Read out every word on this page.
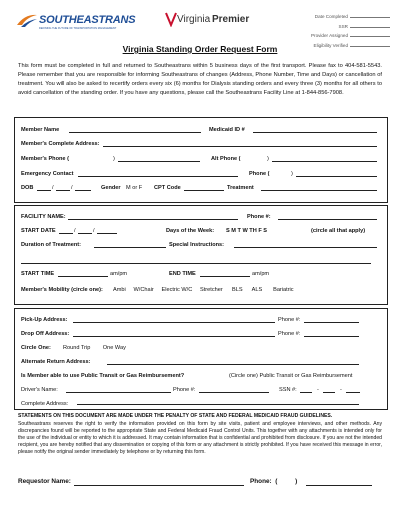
SOUTHEASTRANS
DEFINING THE FUTURE OF TRANSPORTATION MANAGEMENT
Virginia Premier	Date Completed
SSR
Provider Assigned
Eligibility Verified
Virginia Standing Order Request Form
This form must be completed in full and returned to Southeastrans within 5 business days of the first transport. Please fax to 404-581-5543. Please remember that you are responsible for informing Southeastrans of changes (Address, Phone Number, Time and Days) or cancellation of treatment. You will also be asked to recertify orders every six (6) months for Dialysis standing orders and every three (3) months for all others to avoid cancellation of the standing order. If you have any questions, please call the Southeastrans Facility Line at 1-844-856-7908.
Member Name	Medicaid ID #
Member's Complete Address:
Member's Phone (	)	Alt Phone (	)
Emergency Contact	Phone (	)
DOB	/	/	Gender M or F CPT Code	Treatment
FACILITY NAME:	Phone #:
START DATE	/	/	Days of the Week: S M T W TH F S	(circle all that apply)
Duration of Treatment:	Special Instructions:
START TIME	am/pm	END TIME	am/pm
Member's Mobility (circle one): Ambi     W/Chair     Electric W/C     Stretcher      BLS      ALS       Bariatric
Pick-Up Address:	Phone #:
Drop Off Address:	Phone #:
Circle One: Round Trip        One Way
Alternate Return Address:
Is Member able to use Public Transit or Gas Reimbursement?	(Circle one) Public Transit or Gas Reimbursement
Driver's Name:	Phone #:	SSN #:	-	-
Complete Address:
STATEMENTS ON THIS DOCUMENT ARE MADE UNDER THE PENALTY OF STATE AND FEDERAL MEDICAID FRAUD GUIDELINES.
Southeastrans reserves the right to verify the information provided on this form by site visits, patient and employee interviews, and other methods. Any discrepancies found will be reported to the appropriate State and Federal Medicaid Fraud Control Units. This together with any attachments is intended only for the use of the individual or entity to which it is addressed. It may contain information that is confidential and prohibited from disclosure. If you are not the intended recipient, you are hereby notified that any dissemination or copying of this form or any attachment is strictly prohibited. If you have received this message in error, please notify the original sender immediately by telephone or by returning this form.
Requestor Name:	Phone:  (          )
